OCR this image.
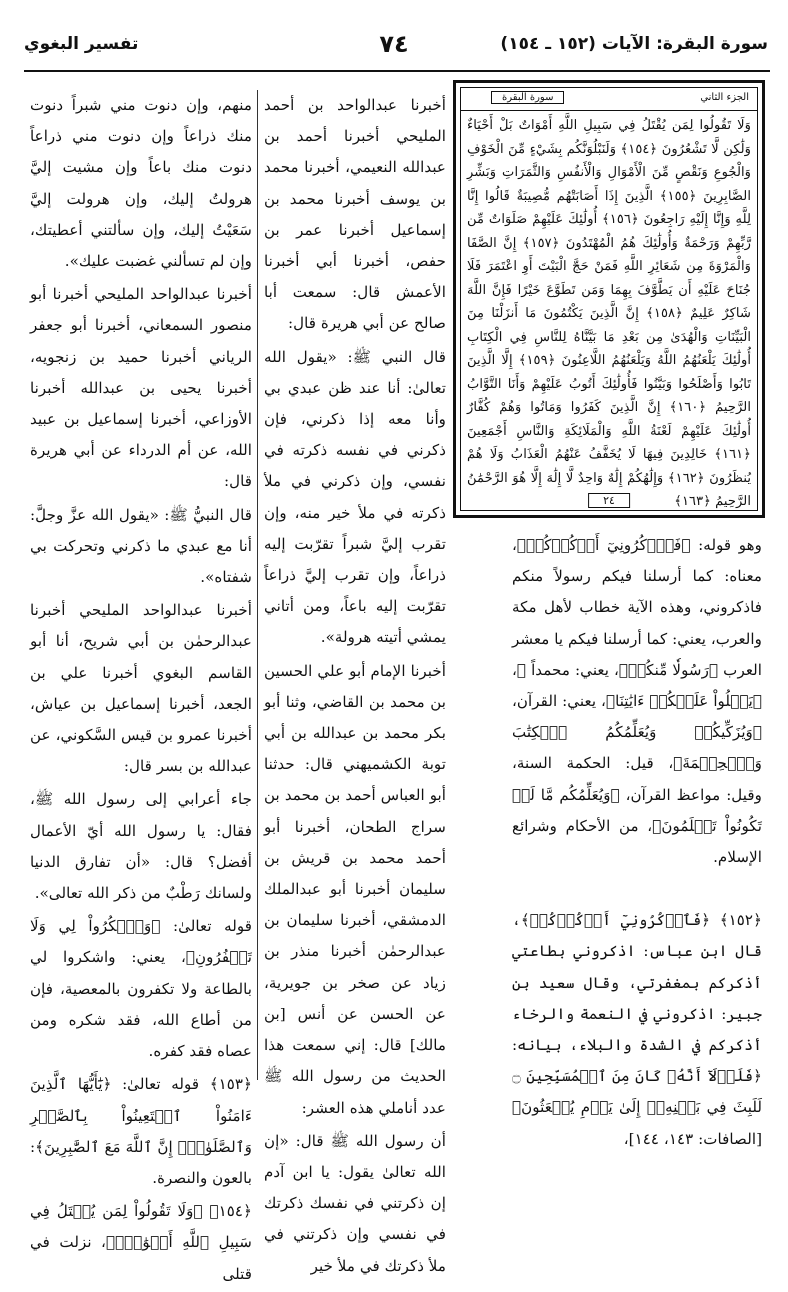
سورة البقرة: الآيات (١٥٢ ـ ١٥٤)
٧٤
تفسير البغوي
الجزء الثاني
سورة البقرة
وَلَا تَقُولُوا لِمَن يُقْتَلُ فِي سَبِيلِ اللَّهِ أَمْوَاتٌ بَلْ أَحْيَاءٌ وَلَٰكِن لَّا تَشْعُرُونَ ﴿١٥٤﴾ وَلَنَبْلُوَنَّكُم بِشَيْءٍ مِّنَ الْخَوْفِ وَالْجُوعِ وَنَقْصٍ مِّنَ الْأَمْوَالِ وَالْأَنفُسِ وَالثَّمَرَاتِ وَبَشِّرِ الصَّابِرِينَ ﴿١٥٥﴾ الَّذِينَ إِذَا أَصَابَتْهُم مُّصِيبَةٌ قَالُوا إِنَّا لِلَّهِ وَإِنَّا إِلَيْهِ رَاجِعُونَ ﴿١٥٦﴾ أُولَٰئِكَ عَلَيْهِمْ صَلَوَاتٌ مِّن رَّبِّهِمْ وَرَحْمَةٌ وَأُولَٰئِكَ هُمُ الْمُهْتَدُونَ ﴿١٥٧﴾ إِنَّ الصَّفَا وَالْمَرْوَةَ مِن شَعَائِرِ اللَّهِ فَمَنْ حَجَّ الْبَيْتَ أَوِ اعْتَمَرَ فَلَا جُنَاحَ عَلَيْهِ أَن يَطَّوَّفَ بِهِمَا وَمَن تَطَوَّعَ خَيْرًا فَإِنَّ اللَّهَ شَاكِرٌ عَلِيمٌ ﴿١٥٨﴾ إِنَّ الَّذِينَ يَكْتُمُونَ مَا أَنزَلْنَا مِنَ الْبَيِّنَاتِ وَالْهُدَىٰ مِن بَعْدِ مَا بَيَّنَّاهُ لِلنَّاسِ فِي الْكِتَابِ أُولَٰئِكَ يَلْعَنُهُمُ اللَّهُ وَيَلْعَنُهُمُ اللَّاعِنُونَ ﴿١٥٩﴾ إِلَّا الَّذِينَ تَابُوا وَأَصْلَحُوا وَبَيَّنُوا فَأُولَٰئِكَ أَتُوبُ عَلَيْهِمْ وَأَنَا التَّوَّابُ الرَّحِيمُ ﴿١٦٠﴾ إِنَّ الَّذِينَ كَفَرُوا وَمَاتُوا وَهُمْ كُفَّارٌ أُولَٰئِكَ عَلَيْهِمْ لَعْنَةُ اللَّهِ وَالْمَلَائِكَةِ وَالنَّاسِ أَجْمَعِينَ ﴿١٦١﴾ خَالِدِينَ فِيهَا لَا يُخَفَّفُ عَنْهُمُ الْعَذَابُ وَلَا هُمْ يُنظَرُونَ ﴿١٦٢﴾ وَإِلَٰهُكُمْ إِلَٰهٌ وَاحِدٌ لَّا إِلَٰهَ إِلَّا هُوَ الرَّحْمَٰنُ الرَّحِيمُ ﴿١٦٣﴾
٢٤

وهو قوله: ﴿فَٱذۡكُرُونِيٓ أَذۡكُرۡكُمۡ﴾، معناه: كما أرسلنا فيكم رسولاً منكم فاذكروني، وهذه الآية خطاب لأهل مكة والعرب، يعني: كما أرسلنا فيكم يا معشر العرب ﴿رَسُولٗا مِّنكُمۡ﴾، يعني: محمداً ﷺ، ﴿يَتۡلُواْ عَلَيۡكُمۡ ءَايَٰتِنَا﴾، يعني: القرآن، ﴿وَيُزَكِّيكُمۡ وَيُعَلِّمُكُمُ ٱلۡكِتَٰبَ وَٱلۡحِكۡمَةَ﴾، قيل: الحكمة السنة، وقيل: مواعظ القرآن، ﴿وَيُعَلِّمُكُم مَّا لَمۡ تَكُونُواْ تَعۡلَمُونَ﴾، من الأحكام وشرائع الإسلام.

﴿١٥٢﴾ ﴿فَٱذۡكُرُونِيٓ أَذۡكُرۡكُمۡ﴾، قال ابن عباس: اذكروني بطاعتي أذكركم بمغفرتي، وقال سعيد بن جبير: اذكروني في النعمة والرخاء أذكركم في الشدة والبلاء، بيانه: ﴿فَلَوۡلَآ أَنَّهُۥ كَانَ مِنَ ٱلۡمُسَبِّحِينَ ۝ لَلَبِثَ فِي بَطۡنِهِۦٓ إِلَىٰ يَوۡمِ يُبۡعَثُونَ﴾ [الصافات: ١٤٣، ١٤٤]،

أخبرنا عبدالواحد بن أحمد المليحي أخبرنا أحمد بن عبدالله النعيمي، أخبرنا محمد بن يوسف أخبرنا محمد بن إسماعيل أخبرنا عمر بن حفص، أخبرنا أبي أخبرنا الأعمش قال: سمعت أبا صالح عن أبي هريرة قال:

قال النبي ﷺ: «يقول الله تعالىٰ: أنا عند ظن عبدي بي وأنا معه إذا ذكرني، فإن ذكرني في نفسه ذكرته في نفسي، وإن ذكرني في ملأ ذكرته في ملأ خير منه، وإن تقرب إليَّ شبراً تقرّبت إليه ذراعاً، وإن تقرب إليَّ ذراعاً تقرّبت إليه باعاً، ومن أتاني يمشي أتيته هرولة».

أخبرنا الإمام أبو علي الحسين بن محمد بن القاضي، وثنا أبو بكر محمد بن عبدالله بن أبي توبة الكشميهني قال: حدثنا أبو العباس أحمد بن محمد بن سراج الطحان، أخبرنا أبو أحمد محمد بن قريش بن سليمان أخبرنا أبو عبدالملك الدمشقي، أخبرنا سليمان بن عبدالرحمٰن أخبرنا منذر بن زياد عن صخر بن جويرية، عن الحسن عن أنس [بن مالك] قال: إني سمعت هذا الحديث من رسول الله ﷺ عدد أناملي هذه العشر:

أن رسول الله ﷺ قال: «إن الله تعالىٰ يقول: يا ابن آدم إن ذكرتني في نفسك ذكرتك في نفسي وإن ذكرتني في ملأ ذكرتك في ملأ خير

منهم، وإن دنوت مني شبراً دنوت منك ذراعاً وإن دنوت مني ذراعاً دنوت منك باعاً وإن مشيت إليَّ هرولتُ إليك، وإن هرولت إليَّ سَعَيْتُ إليك، وإن سألتني أعطيتك، وإن لم تسألني غضبت عليك».

أخبرنا عبدالواحد المليحي أخبرنا أبو منصور السمعاني، أخبرنا أبو جعفر الرياني أخبرنا حميد بن زنجويه، أخبرنا يحيى بن عبدالله أخبرنا الأوزاعي، أخبرنا إسماعيل بن عبيد الله، عن أم الدرداء عن أبي هريرة قال:

قال النبيُّ ﷺ: «يقول الله عزَّ وجلَّ: أنا مع عبدي ما ذكرني وتحركت بي شفتاه».

أخبرنا عبدالواحد المليحي أخبرنا عبدالرحمٰن بن أبي شريح، أنا أبو القاسم البغوي أخبرنا علي بن الجعد، أخبرنا إسماعيل بن عياش، أخبرنا عمرو بن قيس السَّكوني، عن عبدالله بن بسر قال:

جاء أعرابي إلى رسول الله ﷺ، فقال: يا رسول الله أيّ الأعمال أفضل؟ قال: «أن تفارق الدنيا ولسانك رَطْبٌ من ذكر الله تعالى».

قوله تعالىٰ: ﴿وَٱشۡكُرُواْ لِي وَلَا تَكۡفُرُونِ﴾، يعني: واشكروا لي بالطاعة ولا تكفرون بالمعصية، فإن من أطاع الله، فقد شكره ومن عصاه فقد كفره.

﴿١٥٣﴾ قوله تعالىٰ: ﴿يَٰٓأَيُّهَا ٱلَّذِينَ ءَامَنُواْ ٱسۡتَعِينُواْ بِٱلصَّبۡرِ وَٱلصَّلَوٰةِۚ إِنَّ ٱللَّهَ مَعَ ٱلصَّٰبِرِينَ﴾: بالعون والنصرة.

﴿١٥٤﴾ ﴿وَلَا تَقُولُواْ لِمَن يُقۡتَلُ فِي سَبِيلِ ٱللَّهِ أَمۡوَٰتُۢ﴾، نزلت في قتلى
